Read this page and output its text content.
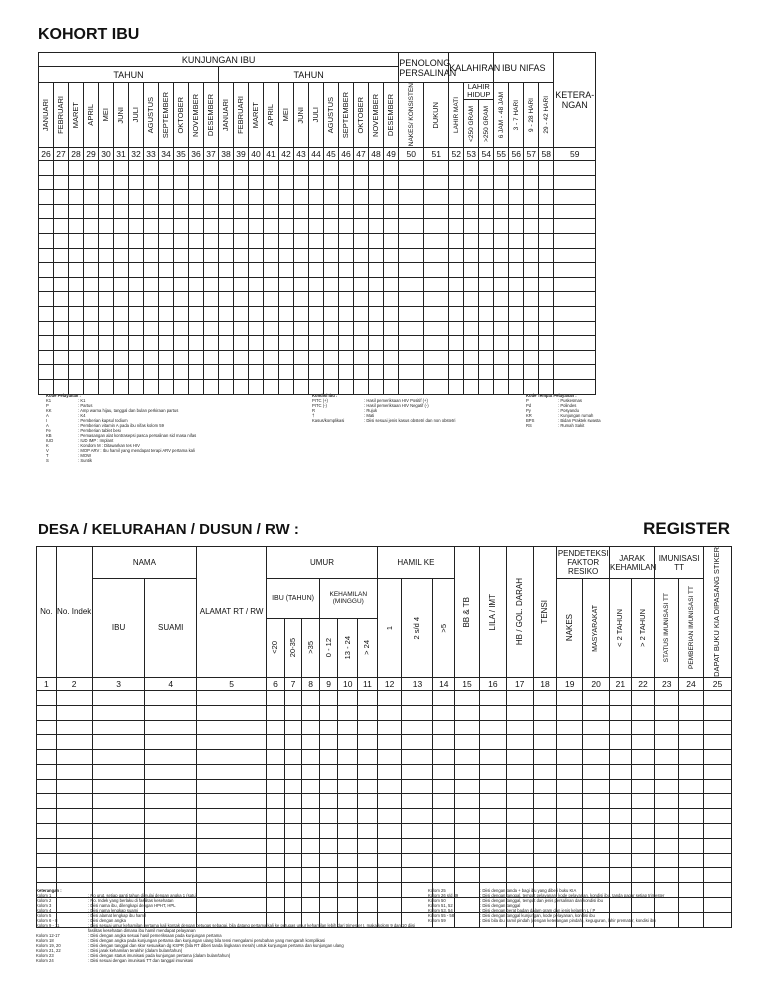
KOHORT IBU
KUNJUNGAN IBU																								PENOLONG PERSALINAN		KALAHIRAN			IBU NIFAS				KETERA- NGAN
TAHUN												TAHUN																					

JANUARI	FEBRUARI	MARET	APRIL	MEI	JUNI	JULI	AGUSTUS	SEPTEMBER	OKTOBER	NOVEMBER	DESEMBER	JANUARI	FEBRUARI	MARET	APRIL	MEI	JUNI	JULI	AGUSTUS	SEPTEMBER	OKTOBER	NOVEMBER	DESEMBER	NAKES/ KONSISTEN	DUKUN	LAHIR MATI	LAHIR HIDUP		6 JAM - 48 JAM	3 - 7 HARI	9 - 28 HARI	29 - 42 HARI	

																											<250 GRAM	>250 GRAM					

26	27	28	29	30	31	32	33	34	35	36	37	38	39	40	41	42	43	44	45	46	47	48	49	50	51	52	53	54	55	56	57	58	59

DESA / KELURAHAN / DUSUN / RW :	REGISTER
No.	No. Indek	NAMA		ALAMAT RT / RW	UMUR						HAMIL KE			BB & TB	LILA / IMT	HB / GOL. DARAH	TENSI	PENDETEKSI FAKTOR RESIKO		JARAK KEHAMILAN		IMUNISASI TT		DAPAT BUKU KIA DIPASANG STIKER

		IBU	SUAMI		IBU (TAHUN)			KEHAMILAN (MINGGU)			1	2 s/d 4	>5					NAKES	MASYARAKAT	< 2 TAHUN	> 2 TAHUN	STATUS IMUNISASI TT	PEMBERIAN IMUNISASI TT	

					<20	20-35	>35	0 - 12	13 - 24	> 24														

1	2	3	4	5	6	7	8	9	10	11	12	13	14	15	16	17	18	19	20	21	22	23	24	25

Kode Pelayanan :
K1	: K1
P	: Partus
KK	: Amp warna hijau, tanggal dan bulan perkiraan partus
A	: K4
I	: Pemberian kapsul Iodium
A	: Pemberian vitamin A pada ibu nifas kolom 59
Fe	: Pemberian tablet besi
KB	: Pemasangan alat kontrasepsi pasca persalinan sid masa nifas
IUD	: IUD IMP : Implant
K	: Kondom M : Ditawarkan tes HIV
V	: MOP ARV : Ibu hamil yang mendapat terapi ARV pertama kali
T	: MOW
S	: Suntik
Kondisi Ibu :
PITC (+)	: Hasil pemeriksaan HIV Positif (+)
PITC (-)	: Hasil pemeriksaan HIV Negatif (-)
R	: Rujuk
†	: Mati
Kasus/komplikasi	: Diisi sesuai jenis kasus obstetri dan non obstetri
Kode Tempat Pelayanan :
P	: Puskesmas
Pd	: Polindes
Py	: Posyandu
KR	: Kunjungan rumah
BPS	: Bidan Praktek swasta
RS	: Rumah Sakit
Keterangan :
Kolom 1	: No urut, setiap ganti tahun dimulai dengan angka 1 (satu)
Kolom 2	: No. Indek yang berlaku di fasilitas kesehatan
Kolom 3	: Diisi nama ibu, dilengkapi dengan HPHT, HPL
Kolom 4	: Diisi nama lengkap suami
Kolom 5	: Diisi alamat lengkap ibu hamil
Kolom 6 - 8	: Diisi dengan angka
Kolom 9 - 11	: Diisi sesuai umur kehamilan pertama kali kontak dengan petugas sebagai, bila datang pertama kali ke petugas umur kehamilan lebih dari trimester I, maka kolom 9 dan 10 diisi fasilitas kesehatan dimana ibu hamil mendapat pelayanan
Kolom 12-17	: Diisi dengan angka sesuai hasil pemeriksaan pada kunjungan pertama
Kolom 18	: Diisi dengan angka pada kunjungan pertama dan kunjungan ulang bila tensi mengalami perubahan yang mengarah komplikasi
Kolom 19, 20	: Diisi dengan tanggal dan skor sesuaikan dg KSPR (bila RT diberi tanda lingkaran merah) untuk kunjungan pertama dan kunjungan ulang
Kolom 21, 22	: Diisi jarak kehamilan terakhir (dalam bulan/tahun)
Kolom 23	: Diisi dengan status imunisasi pada kunjungan pertama (dalam bulan/tahun)
Kolom 24	: Diisi sesuai dengan imunisasi TT dan tanggal imunisasi
Kolom 25	: Diisi dengan tanda + bagi ibu yang diberi buku KIA
Kolom 26 s/d 49	: Diisi dengan tanggal, tempat pelayanan, kode pelayanan, kondisi ibu, tanda pagar setiap trimester
Kolom 50	: Diisi dengan tanggal, tempat dan jenis persalinan dan kondisi ibu
Kolom 51, 52	: Diisi dengan tanggal
Kolom 53, 54	: Diisi dengan berat badan dalam gram dan jenis kelamin L / P
Kolom 55 - 58	: Diisi dengan tanggal kunjungan, kode pelayanan, kondisi ibu
Kolom 59	: Diisi bila ibu hamil pindah (dengan keterangan pindah), keguguran, lahir prematur, kondisi ibu
